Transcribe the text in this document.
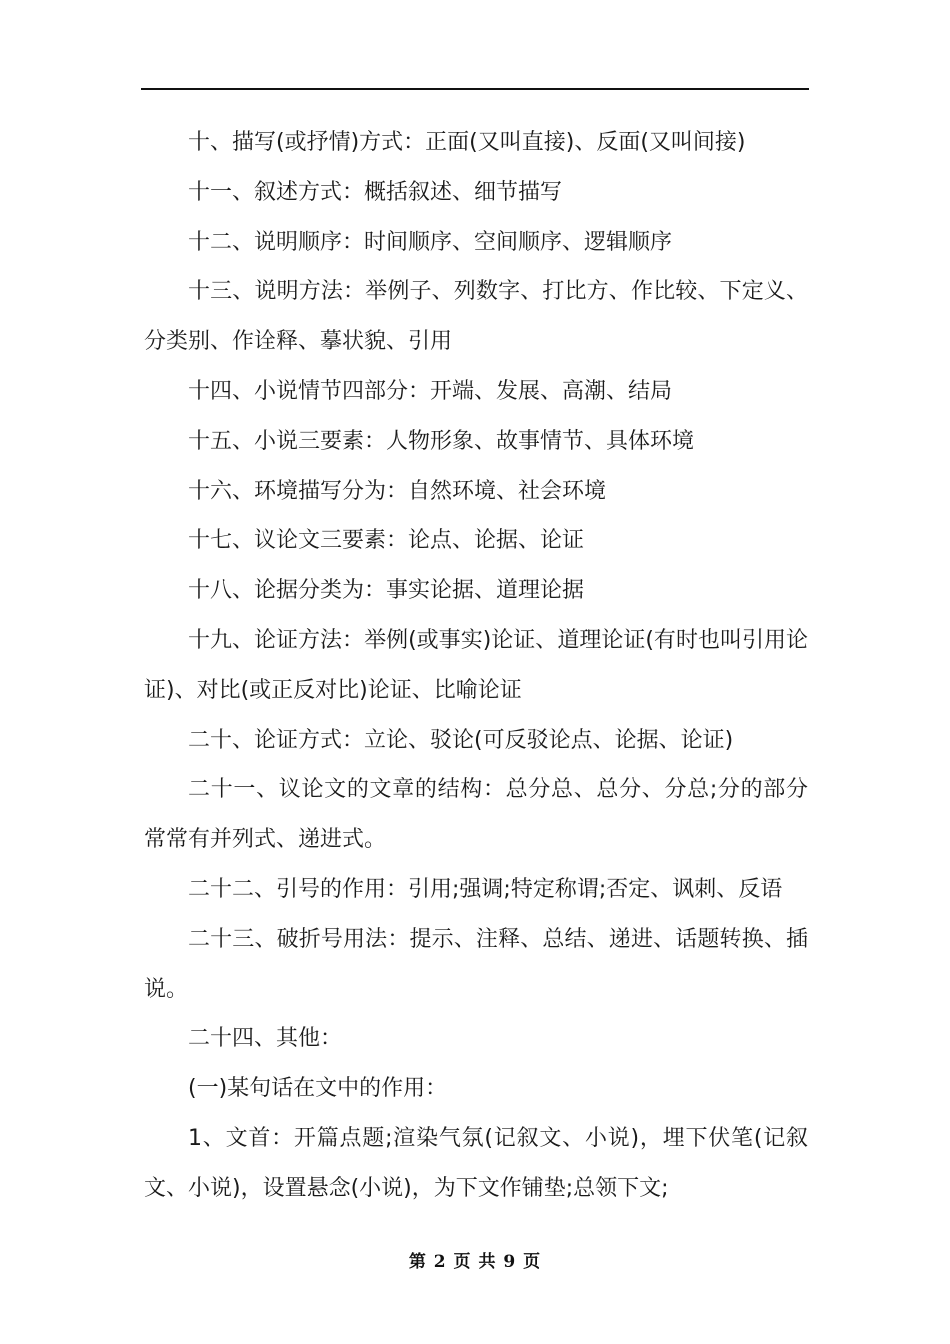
十、描写(或抒情)方式：正面(又叫直接)、反面(又叫间接)

十一、叙述方式：概括叙述、细节描写

十二、说明顺序：时间顺序、空间顺序、逻辑顺序

十三、说明方法：举例子、列数字、打比方、作比较、下定义、分类别、作诠释、摹状貌、引用

十四、小说情节四部分：开端、发展、高潮、结局

十五、小说三要素：人物形象、故事情节、具体环境

十六、环境描写分为：自然环境、社会环境

十七、议论文三要素：论点、论据、论证

十八、论据分类为：事实论据、道理论据

十九、论证方法：举例(或事实)论证、道理论证(有时也叫引用论证)、对比(或正反对比)论证、比喻论证

二十、论证方式：立论、驳论(可反驳论点、论据、论证)

二十一、议论文的文章的结构：总分总、总分、分总;分的部分常常有并列式、递进式。

二十二、引号的作用：引用;强调;特定称谓;否定、讽刺、反语

二十三、破折号用法：提示、注释、总结、递进、话题转换、插说。

二十四、其他：

(一)某句话在文中的作用：

1、文首：开篇点题;渲染气氛(记叙文、小说)，埋下伏笔(记叙文、小说)，设置悬念(小说)，为下文作铺垫;总领下文;

第 2 页 共 9 页
